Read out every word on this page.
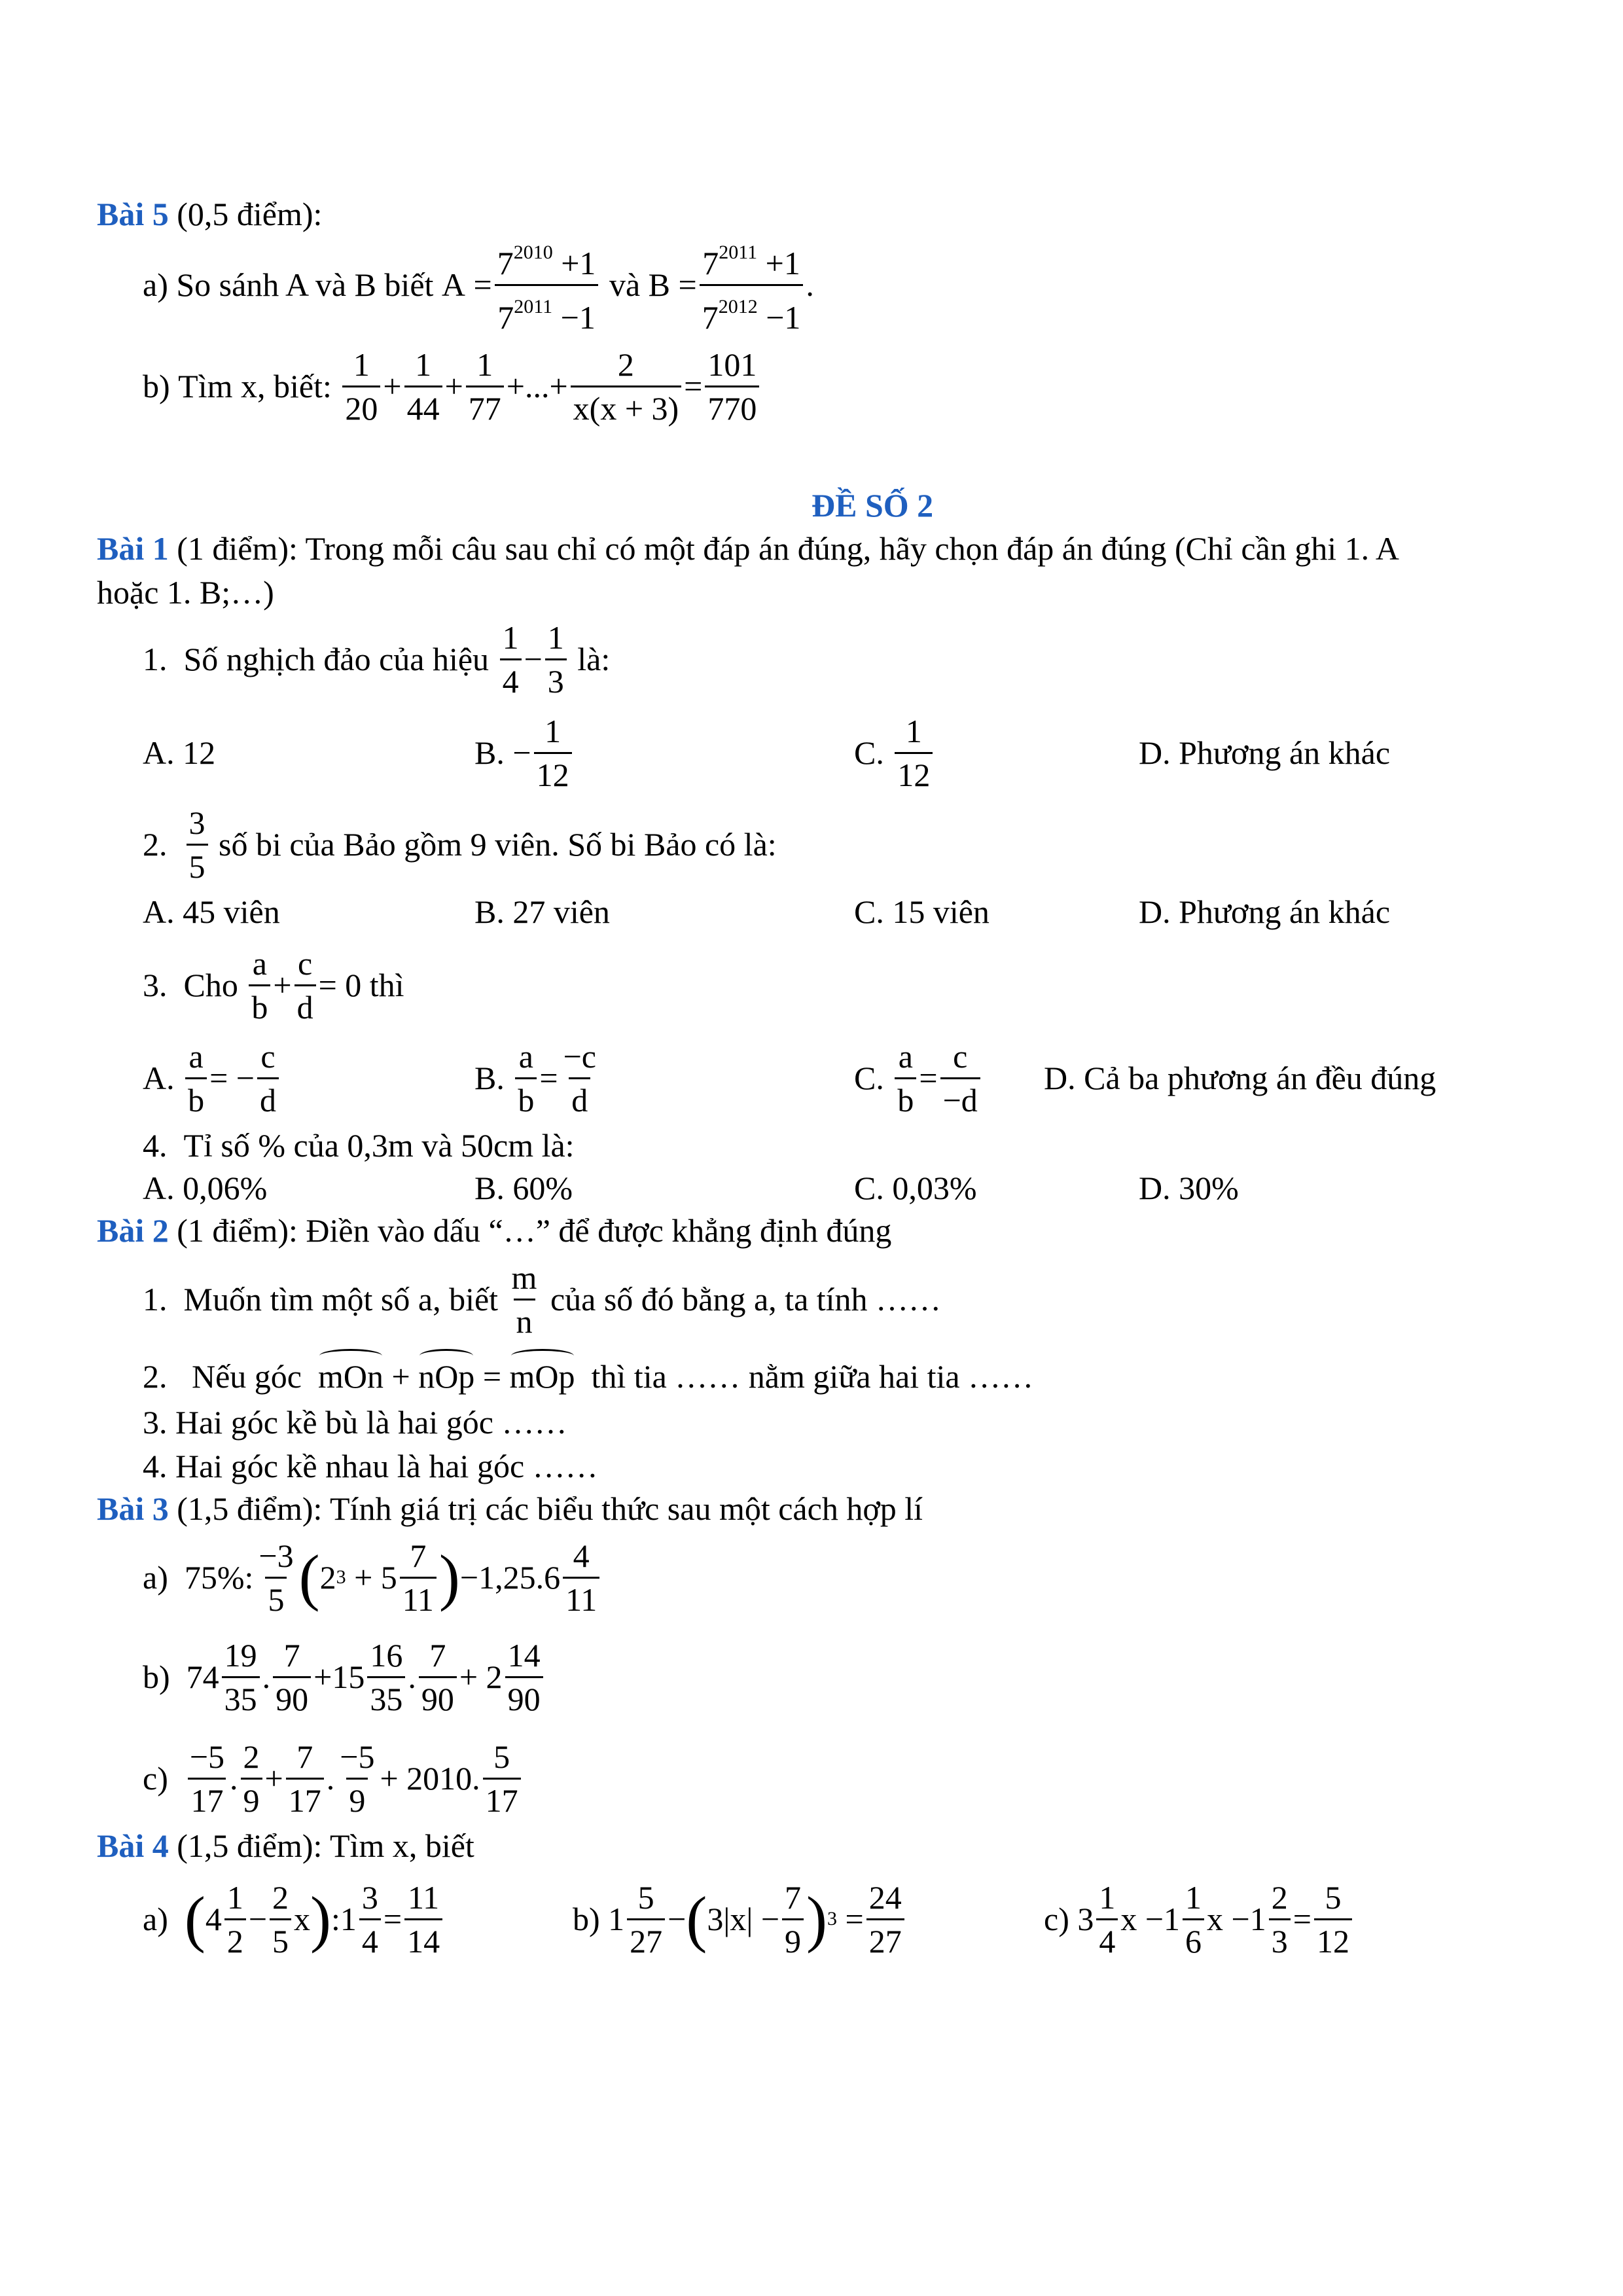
Bài 5 (0,5 điểm):
a)
So sánh A và B biết
$A = \frac{7^{2010} +1}{7^{2011} -1}$
và
$B = \frac{7^{2011} +1}{7^{2012} -1}$ .
b)
Tìm x, biết:
$\frac{1}{20} + \frac{1}{44} + \frac{1}{77}$ +...+ $\frac{2}{x(x + 3)} = \frac{101}{770}$
ĐỀ SỐ 2
Bài 1 (1 điểm): Trong mỗi câu sau chỉ có một đáp án đúng, hãy chọn đáp án đúng (Chỉ cần ghi 1. A
hoặc 1. B;…)
1.
Số nghịch đảo của hiệu
$\frac{1}{4} - \frac{1}{3}$
là:
A. 12	B. − $\frac{1}{12}$	C.
$\frac{1}{12}$	D. Phương án khác
2.
$\frac{3}{5}$
số bi của Bảo gồm 9 viên. Số bi Bảo có là:
A. 45 viên	B. 27 viên	C. 15 viên	D. Phương án khác
3.
Cho
$\frac{a}{b} + \frac{c}{d} = 0$ thì
A.
$\frac{a}{b}$ = − $\frac{c}{d}$	B.
$\frac{a}{b} = \frac{-c}{d}$	C.
$\frac{a}{b} = \frac{c}{-d} D$. Cả ba phương án đều đúng
4. Tỉ số % của 0,3m và 50cm là:
A. 0,06%	B. 60%	C. 0,03%	D. 30%
Bài 2 (1 điểm): Điền vào dấu “…” để được khẳng định đúng
1.
Muốn tìm một số a, biết
$\frac{m}{n}$
của số đó bằng a, ta tính ……
2. Nếu góc mOn + nOp = mOp thì tia …… nằm giữa hai tia ……
3. Hai góc kề bù là hai góc ……
4. Hai góc kề nhau là hai góc ……
Bài 3 (1,5 điểm): Tính giá trị các biểu thức sau một cách hợp lí
a)
75%: $\frac{-3}{5}$ ( 2 3
+ $5 \frac{7}{11}$ ) $-1,25.6 \frac{4}{11}$
b)
$74 \frac{19}{35}$ . $\frac{7}{90} +15 \frac{16}{35}$ . $\frac{7}{90} + 2 \frac{14}{90}$
c)
$\frac{-5}{17}$ . $\frac{2}{9} + \frac{7}{17}$ . $\frac{-5}{9} + 2010$. $\frac{5}{17}$
Bài 4 (1,5 điểm): Tìm x, biết
a)
( $4 \frac{1}{2} - \frac{2}{5}$ x ) :1 $\frac{3}{4} = \frac{11}{14}$	b)
$1 \frac{5}{27}$ − ( $3|x| - \frac{7}{9}$ ) $3 = \frac{24}{27}$	c)
$3 \frac{1}{4}$ $x -1 \frac{1}{6}$ $x -1 \frac{2}{3} = \frac{5}{12}$
